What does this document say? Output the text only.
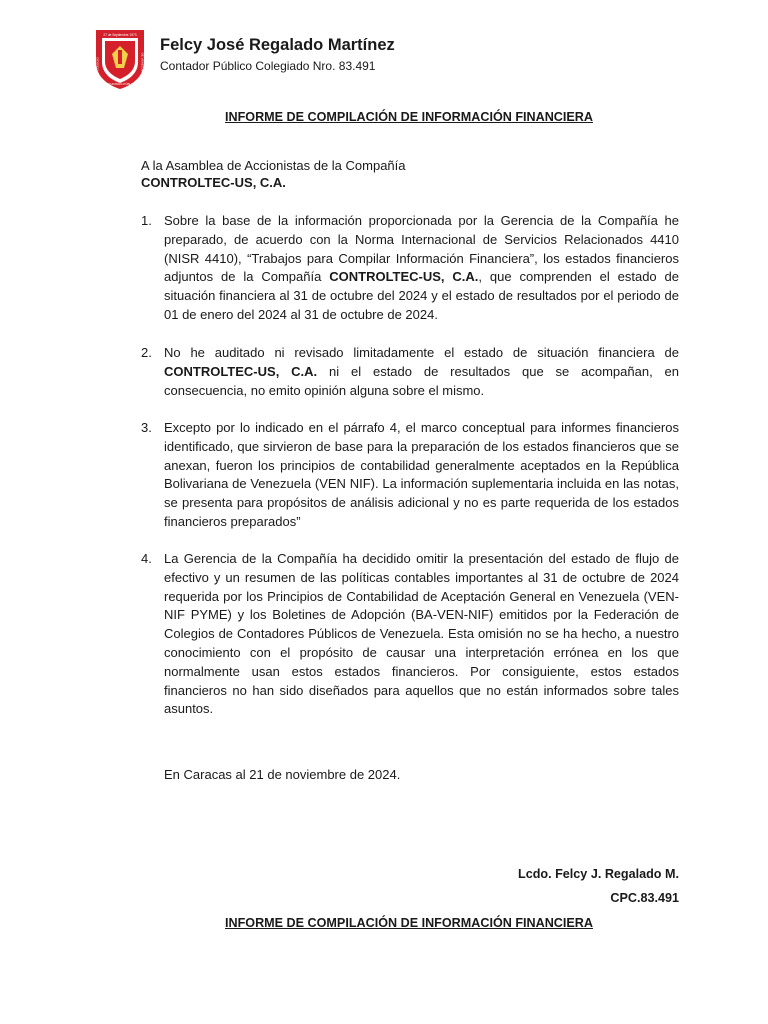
27 de Septiembre 1973
COLEGIO	DE VENEZUELA
CONTADORES PÚBLICOS
Felcy José Regalado Martínez
Contador Público Colegiado Nro. 83.491
INFORME DE COMPILACIÓN DE INFORMACIÓN FINANCIERA
A la Asamblea de Accionistas de la Compañía
CONTROLTEC-US, C.A.
1. Sobre la base de la información proporcionada por la Gerencia de la Compañía he preparado, de acuerdo con la Norma Internacional de Servicios Relacionados 4410 (NISR 4410), “Trabajos para Compilar Información Financiera”, los estados financieros adjuntos de la Compañía CONTROLTEC-US, C.A., que comprenden el estado de situación financiera al 31 de octubre del 2024 y el estado de resultados por el periodo de 01 de enero del 2024 al 31 de octubre de 2024.
2. No he auditado ni revisado limitadamente el estado de situación financiera de CONTROLTEC-US, C.A. ni el estado de resultados que se acompañan, en consecuencia, no emito opinión alguna sobre el mismo.
3. Excepto por lo indicado en el párrafo 4, el marco conceptual para informes financieros identificado, que sirvieron de base para la preparación de los estados financieros que se anexan, fueron los principios de contabilidad generalmente aceptados en la República Bolivariana de Venezuela (VEN NIF). La información suplementaria incluida en las notas, se presenta para propósitos de análisis adicional y no es parte requerida de los estados financieros preparados”
4. La Gerencia de la Compañía ha decidido omitir la presentación del estado de flujo de efectivo y un resumen de las políticas contables importantes al 31 de octubre de 2024 requerida por los Principios de Contabilidad de Aceptación General en Venezuela (VEN-NIF PYME) y los Boletines de Adopción (BA-VEN-NIF) emitidos por la Federación de Colegios de Contadores Públicos de Venezuela. Esta omisión no se ha hecho, a nuestro conocimiento con el propósito de causar una interpretación errónea en los que normalmente usan estos estados financieros. Por consiguiente, estos estados financieros no han sido diseñados para aquellos que no están informados sobre tales asuntos.
En Caracas al 21 de noviembre de 2024.
Lcdo. Felcy J. Regalado M.
CPC.83.491
INFORME DE COMPILACIÓN DE INFORMACIÓN FINANCIERA
